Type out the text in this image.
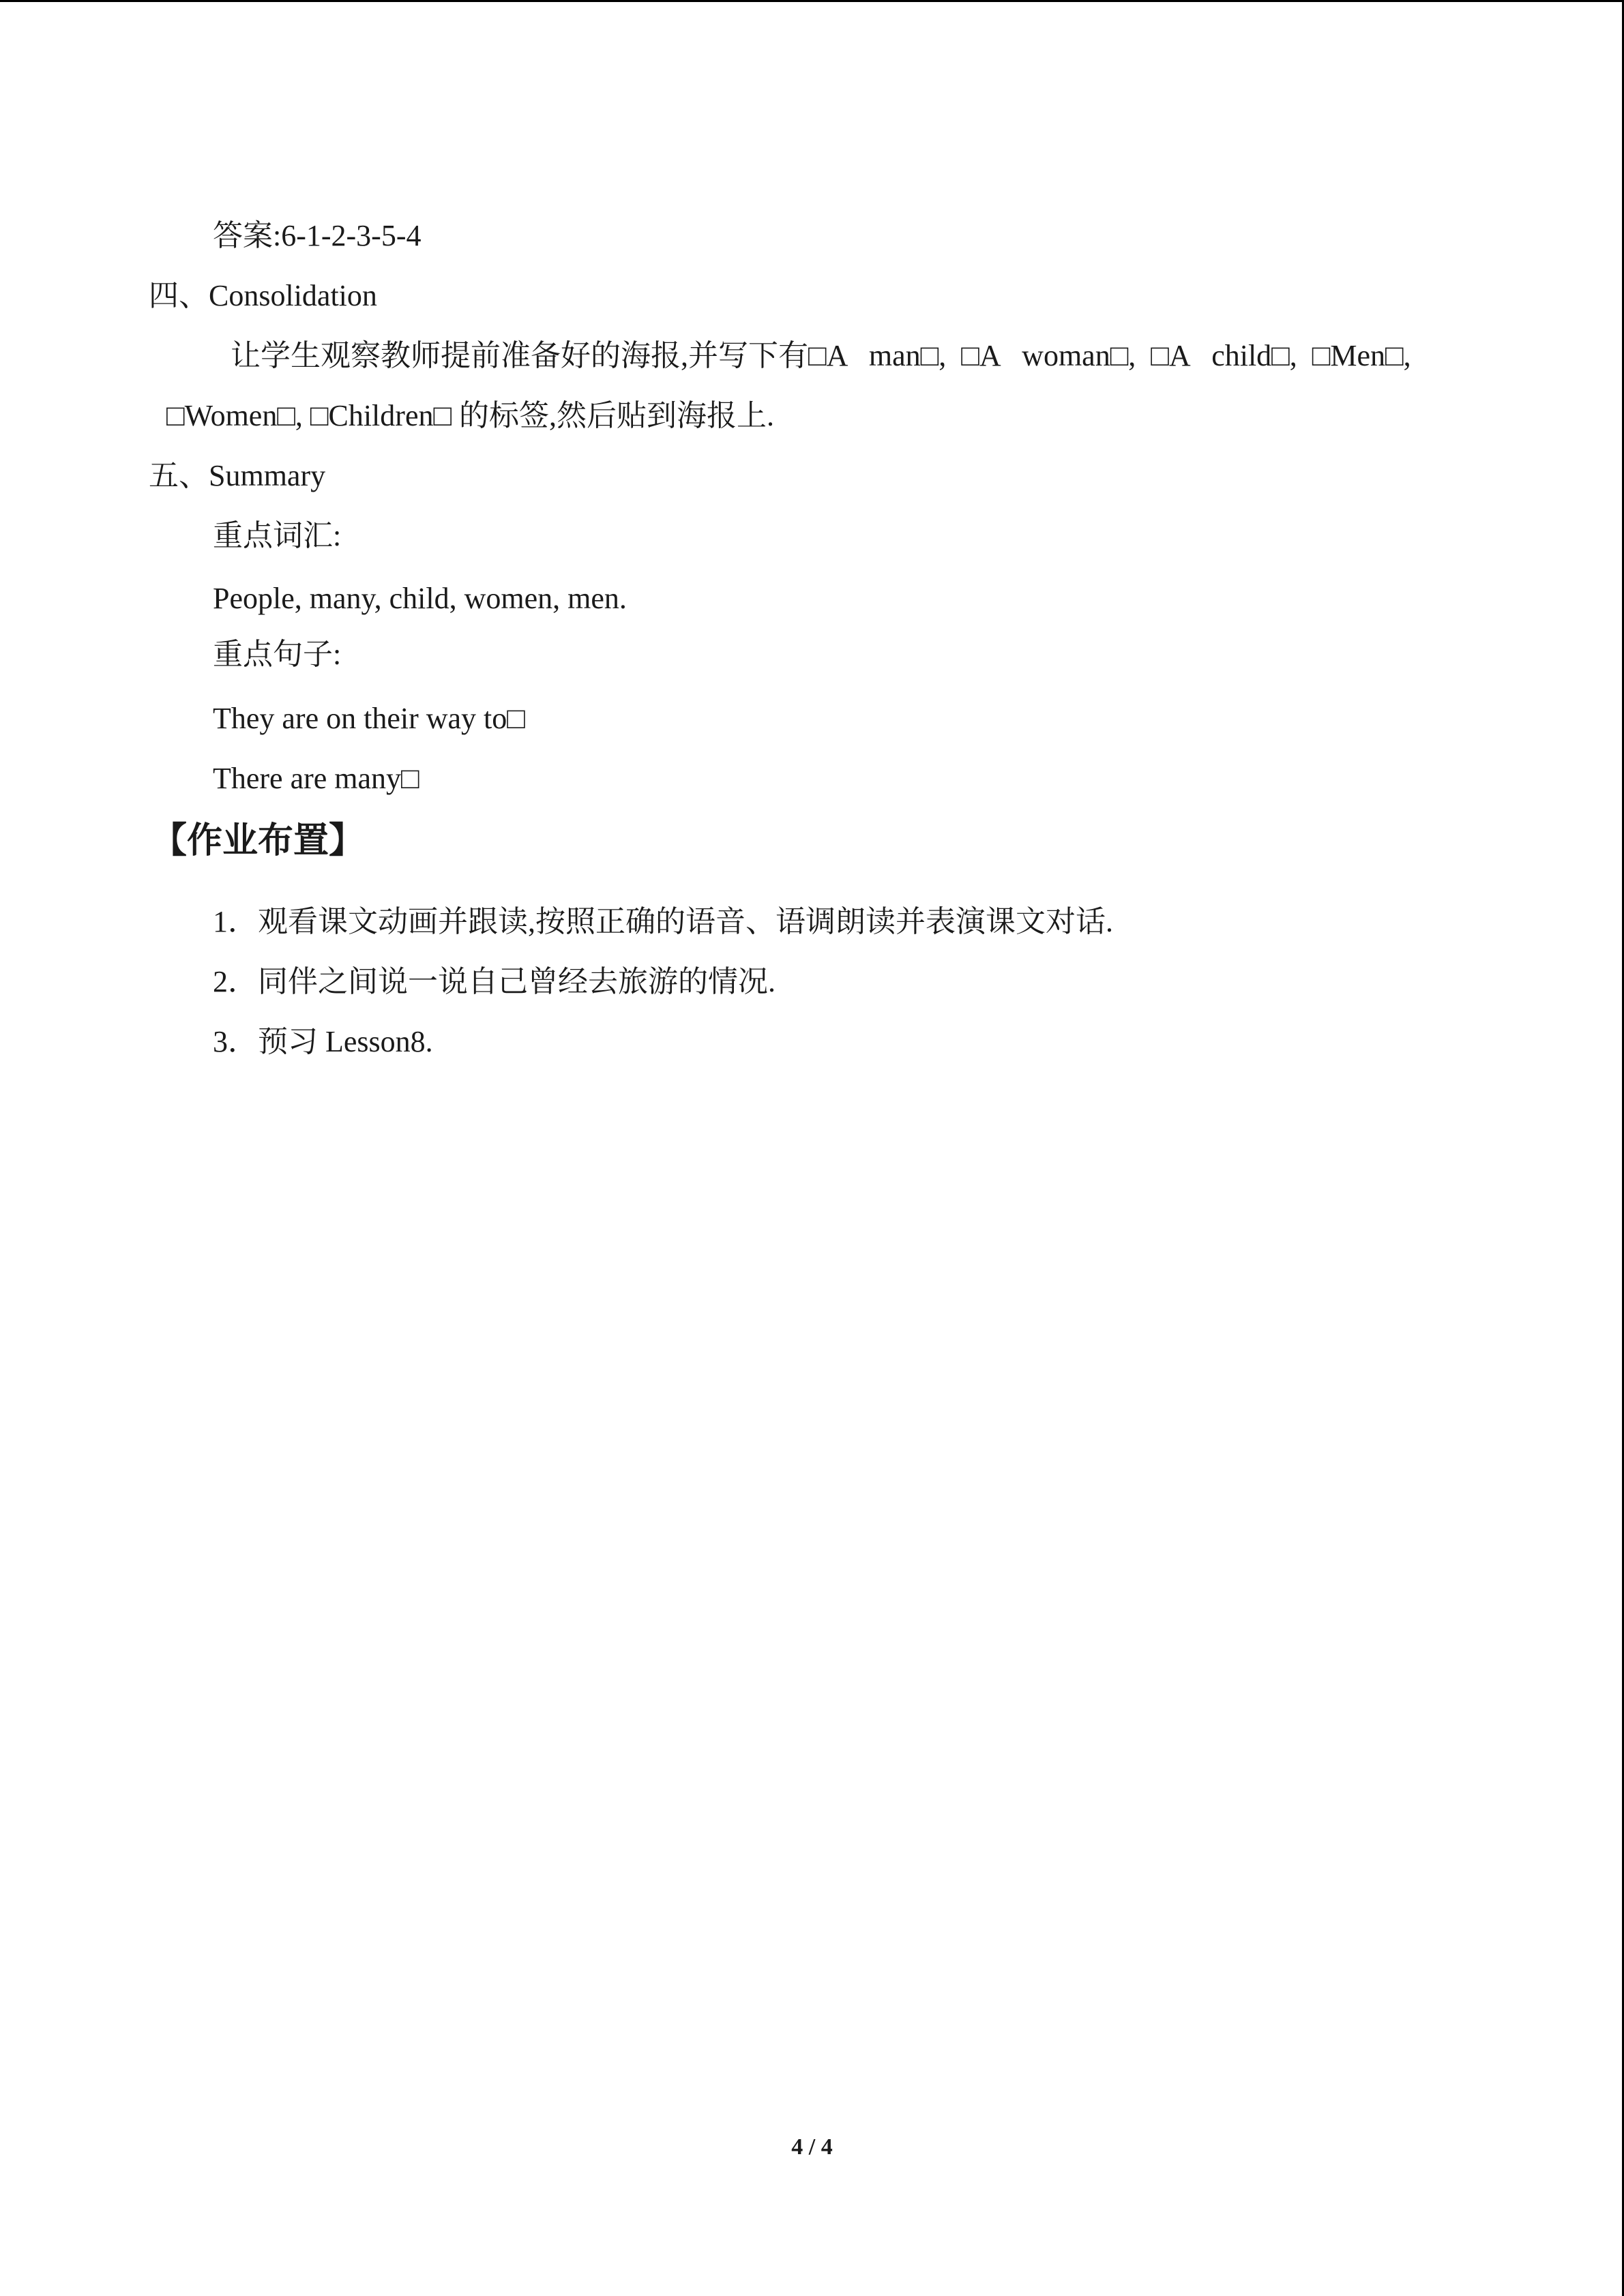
答案:6-1-2-3-5-4
四、Consolidation
让学生观察教师提前准备好的海报,并写下有□A   man□,  □A   woman□,  □A   child□,  □Men□,
□Women□, □Children□ 的标签,然后贴到海报上.
五、Summary
重点词汇:
People, many, child, women, men.
重点句子:
They are on their way to□
There are many□
【作业布置】
1．观看课文动画并跟读,按照正确的语音、语调朗读并表演课文对话.
2．同伴之间说一说自己曾经去旅游的情况.
3．预习 Lesson8.
4 / 4
